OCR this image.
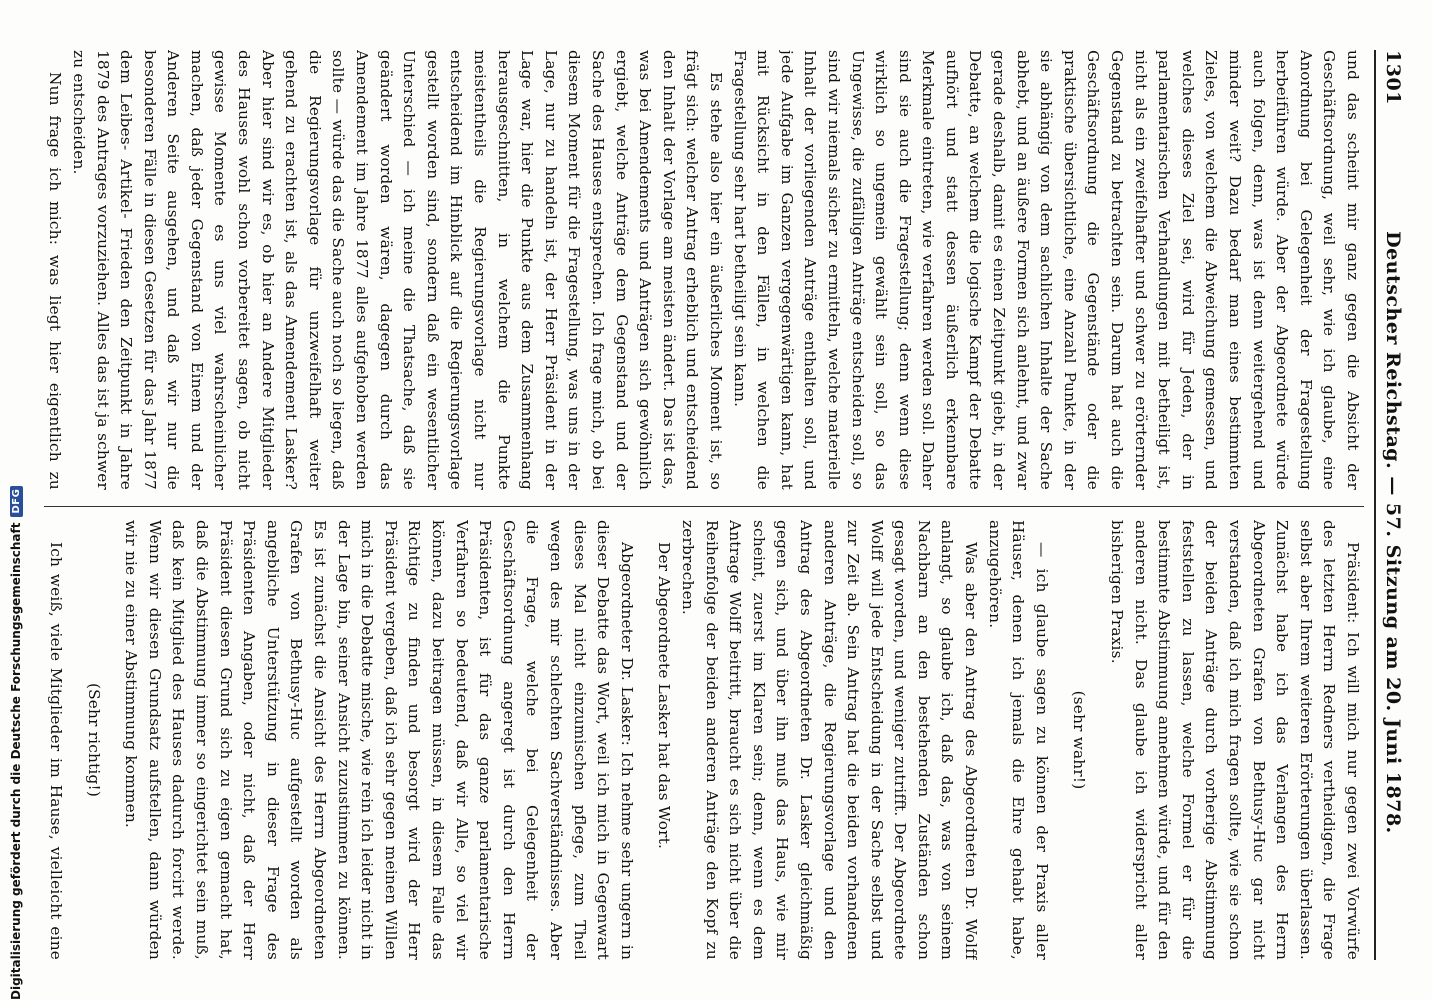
1301
Deutscher Reichstag. — 57. Sitzung am 20. Juni 1878.

und das scheint mir ganz gegen die Absicht der Geschäftsordnung, weil sehr, wie ich glaube, eine Anordnung bei Gelegenheit der Fragestellung herbeiführen würde. Aber der Abgeordnete würde auch folgen, denn, was ist denn weitergehend und minder weit? Dazu bedarf man eines bestimmten Zieles, von welchem die Abweichung gemessen, und welches dieses Ziel sei, wird für Jeden, der in parlamentarischen Verhandlungen mit betheiligt ist, nicht als ein zweifelhafter und schwer zu erörternder Gegenstand zu betrachten sein. Darum hat auch die Geschäftsordnung die Gegenstände oder die praktische übersichtliche, eine Anzahl Punkte, in der sie abhängig von dem sachlichen Inhalte der Sache abhebt, und an äußere Formen sich anlehnt, und zwar gerade deshalb, damit es einen Zeitpunkt giebt, in der Debatte, an welchem die logische Kampf der Debatte aufhört und statt dessen äußerlich erkennbare Merkmale eintreten, wie verfahren werden soll. Daher sind sie auch die Fragestellung; denn wenn diese wirklich so ungemein gewählt sein soll, so das Ungewisse, die zufälligen Anträge entscheiden soll, so sind wir niemals sicher zu ermitteln, welche materielle Inhalt der vorliegenden Anträge enthalten soll, und jede Aufgabe im Ganzen vergegenwärtigen kann, hat mit Rücksicht in den Fällen, in welchen die Fragestellung sehr hart betheiligt sein kann.

Es stehe also hier ein äußerliches Moment ist, so frägt sich: welcher Antrag erheblich und entscheidend den Inhalt der Vorlage am meisten ändert. Das ist das, was bei Amendements und Anträgen sich gewöhnlich ergiebt, welche Anträge dem Gegenstand und der Sache des Hauses entsprechen. Ich frage mich, ob bei diesem Moment für die Fragestellung, was uns in der Lage, nur zu handeln ist, der Herr Präsident in der Lage war, hier die Punkte aus dem Zusammenhang herausgeschnitten, in welchem die Punkte meistentheils die Regierungsvorlage nicht nur entscheidend im Hinblick auf die Regierungsvorlage gestellt worden sind, sondern daß ein wesentlicher Unterschied — ich meine die Thatsache, daß sie geändert worden wären, dagegen durch das Amendement im Jahre 1877 alles aufgehoben werden sollte — würde das die Sache auch noch so liegen, daß die Regierungsvorlage für unzweifelhaft weiter gehend zu erachten ist, als das Amendement Lasker? Aber hier sind wir es, ob hier an Andere Mitglieder des Hauses wohl schon vorbereitet sagen, ob nicht gewisse Momente es uns viel wahrscheinlicher machen, daß jeder Gegenstand von Einem und der Anderen Seite ausgehen, und daß wir nur die besonderen Fälle in diesen Gesetzen für das Jahr 1877 dem Leibes- Artikel- Frieden den Zeitpunkt in Jahre 1879 des Antrages vorzuziehen. Alles das ist ja schwer zu entscheiden.

Nun frage ich mich: was liegt hier eigentlich zu

Präsident: Ich will mich nur gegen zwei Vorwürfe des letzten Herrn Redners vertheidigen, die Frage selbst aber Ihrem weiteren Erörterungen überlassen. Zunächst habe ich das Verlangen des Herrn Abgeordneten Grafen von Bethusy-Huc gar nicht verstanden, daß ich mich fragen sollte, wie sie schon der beiden Anträge durch vorherige Abstimmung feststellen zu lassen, welche Formel er für die bestimmte Abstimmung annehmen würde, und für den anderen nicht. Das glaube ich widerspricht aller bisherigen Praxis.

(sehr wahr!)

— ich glaube sagen zu können der Praxis aller Häuser, denen ich jemals die Ehre gehabt habe, anzugehören.

Was aber den Antrag des Abgeordneten Dr. Wolff anlangt, so glaube ich, daß das, was von seinem Nachbarn an den bestehenden Zuständen schon gesagt worden, und weniger zutrifft. Der Abgeordnete Wolff will jede Entscheidung in der Sache selbst und zur Zeit ab. Sein Antrag hat die beiden vorhandenen anderen Anträge, die Regierungsvorlage und den Antrag des Abgeordneten Dr. Lasker gleichmäßig gegen sich, und über ihn muß das Haus, wie mir scheint, zuerst im Klaren sein; denn, wenn es dem Antrage Wolff beitritt, braucht es sich nicht über die Reihenfolge der beiden anderen Anträge den Kopf zu zerbrechen.

Der Abgeordnete Lasker hat das Wort.

Abgeordneter Dr. Lasker: Ich nehme sehr ungern in dieser Debatte das Wort, weil ich mich in Gegenwart dieses Mal nicht einzumischen pflege, zum Theil wegen des mir schlechten Sachverständnisses. Aber die Frage, welche bei Gelegenheit der Geschäftsordnung angeregt ist durch den Herrn Präsidenten, ist für das ganze parlamentarische Verfahren so bedeutend, daß wir Alle, so viel wir können, dazu beitragen müssen, in diesem Falle das Richtige zu finden und besorgt wird der Herr Präsident vergeben, daß ich sehr gegen meinen Willen mich in die Debatte mische, wie rein ich leider nicht in der Lage bin, seiner Ansicht zuzustimmen zu können. Es ist zunächst die Ansicht des Herrn Abgeordneten Grafen von Bethusy-Huc aufgestellt worden als angebliche Unterstützung in dieser Frage des Präsidenten Angaben, oder nicht, daß der Herr Präsident diesen Grund sich zu eigen gemacht hat, daß die Abstimmung immer so eingerichtet sein muß, daß kein Mitglied des Hauses dadurch forcirt werde. Wenn wir diesen Grundsatz aufstellen, dann würden wir nie zu einer Abstimmung kommen.

(Sehr richtig!)

Ich weiß, viele Mitglieder im Hause, vielleicht eine

Digitalisierung gefördert durch die Deutsche Forschungsgemeinschaft
DFG
